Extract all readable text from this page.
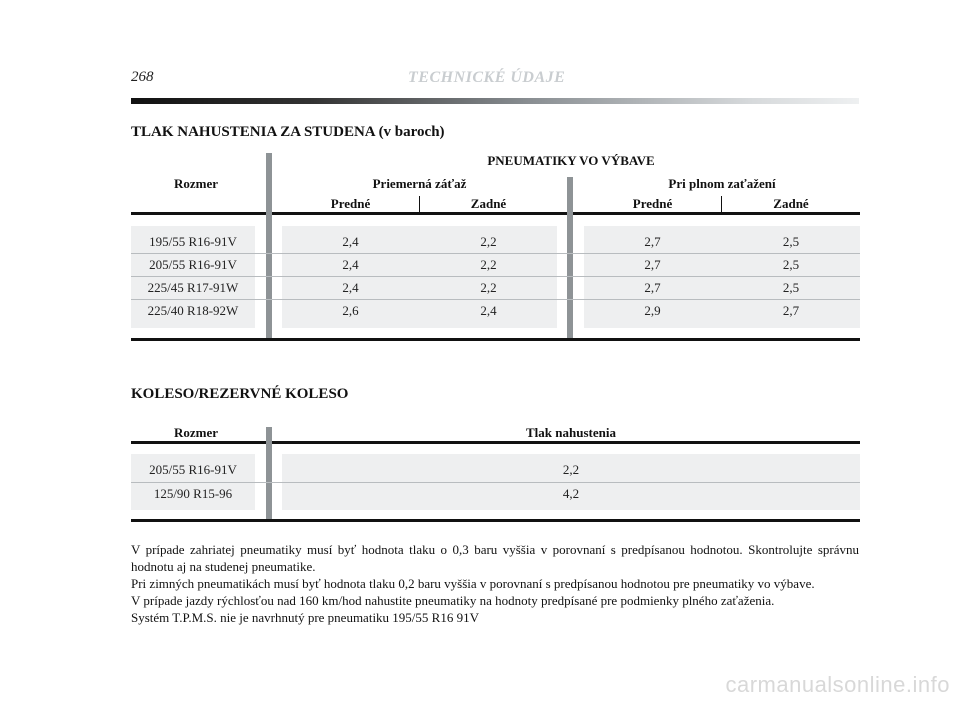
268	TECHNICKÉ ÚDAJE
TLAK NAHUSTENIA ZA STUDENA (v baroch)
Rozmer
PNEUMATIKY VO VÝBAVE
Priemerná záťaž	Pri plnom zaťažení
Predné	Zadné	Predné	Zadné
195/55 R16-91V	2,4	2,2	2,7	2,5
205/55 R16-91V	2,4	2,2	2,7	2,5
225/45 R17-91W	2,4	2,2	2,7	2,5
225/40 R18-92W	2,6	2,4	2,9	2,7
KOLESO/REZERVNÉ KOLESO
Rozmer	Tlak nahustenia
205/55 R16-91V	2,2
125/90 R15-96	4,2

V prípade zahriatej pneumatiky musí byť hodnota tlaku o 0,3 baru vyššia v porovnaní s predpísanou hodnotou. Skontrolujte správnu hodnotu aj na studenej pneumatike.

Pri zimných pneumatikách musí byť hodnota tlaku 0,2 baru vyššia v porovnaní s predpísanou hodnotou pre pneumatiky vo výbave.

V prípade jazdy rýchlosťou nad 160 km/hod nahustite pneumatiky na hodnoty predpísané pre podmienky plného zaťaženia.

Systém T.P.M.S. nie je navrhnutý pre pneumatiku 195/55 R16 91V

carmanualsonline.info
